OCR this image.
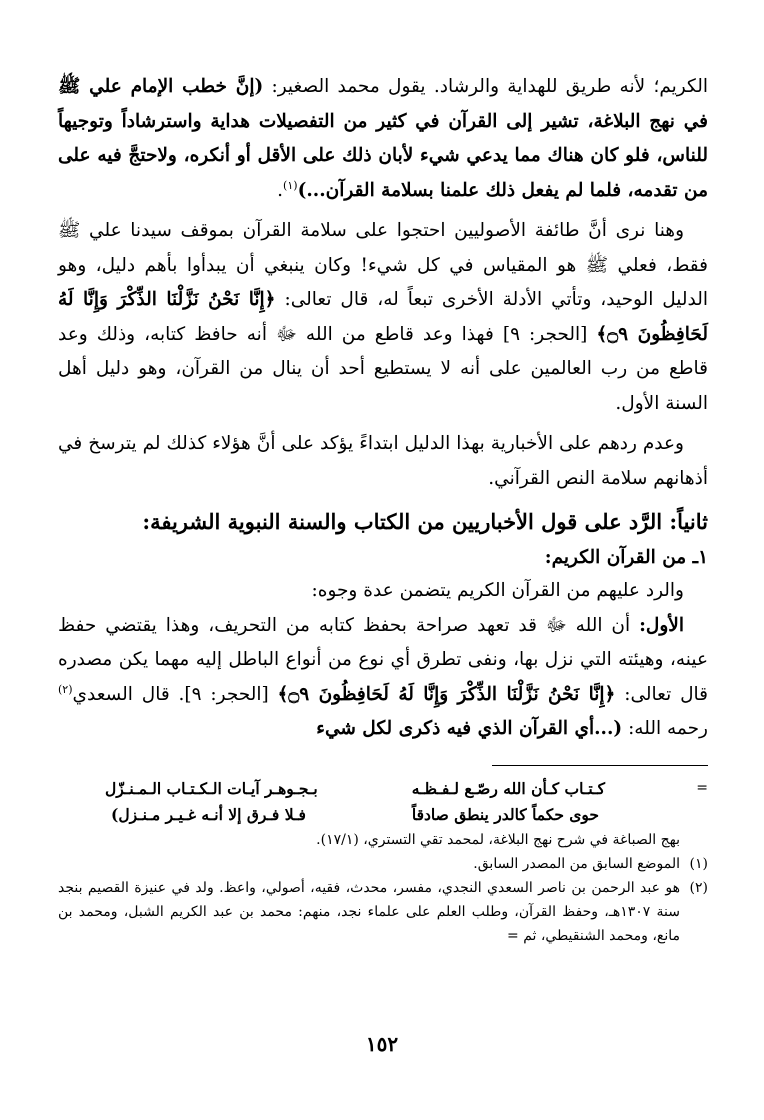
الكريم؛ لأنه طريق للهداية والرشاد. يقول محمد الصغير: (إنَّ خطب الإمام علي ﷺ في نهج البلاغة، تشير إلى القرآن في كثير من التفصيلات هداية واسترشاداً وتوجيهاً للناس، فلو كان هناك مما يدعي شيء لأبان ذلك على الأقل أو أنكره، ولاحتجَّ فيه على من تقدمه، فلما لم يفعل ذلك علمنا بسلامة القرآن...)$^{(١)}$.

وهنا نرى أنَّ طائفة الأصوليين احتجوا على سلامة القرآن بموقف سيدنا علي ﷺ فقط، فعلي ﷺ هو المقياس في كل شيء! وكان ينبغي أن يبدأوا بأهم دليل، وهو الدليل الوحيد، وتأتي الأدلة الأخرى تبعاً له، قال تعالى: ﴿إِنَّا نَحْنُ نَزَّلْنَا الذِّكْرَ وَإِنَّا لَهُ لَحَافِظُونَ ۝٩﴾ [الحجر: ٩] فهذا وعد قاطع من الله ﷻ أنه حافظ كتابه، وذلك وعد قاطع من رب العالمين على أنه لا يستطيع أحد أن ينال من القرآن، وهو دليل أهل السنة الأول.

وعدم ردهم على الأخبارية بهذا الدليل ابتداءً يؤكد على أنَّ هؤلاء كذلك لم يترسخ في أذهانهم سلامة النص القرآني.

ثانياً: الرَّد على قول الأخباريين من الكتاب والسنة النبوية الشريفة:
١ـ من القرآن الكريم:

والرد عليهم من القرآن الكريم يتضمن عدة وجوه:

الأول: أن الله ﷻ قد تعهد صراحة بحفظ كتابه من التحريف، وهذا يقتضي حفظ عينه، وهيئته التي نزل بها، ونفى تطرق أي نوع من أنواع الباطل إليه مهما يكن مصدره قال تعالى: ﴿إِنَّا نَحْنُ نَزَّلْنَا الذِّكْرَ وَإِنَّا لَهُ لَحَافِظُونَ ۝٩﴾ [الحجر: ٩]. قال السعدي$^{(٢)}$ رحمه الله: (...أي القرآن الذي فيه ذكرى لكل شيء

=
كـتـاب كـأن الله رصّـع لـفـظـه
بـجـوهـر آيـات الـكـتـاب الـمـنـزّل
حوى حكماً كالدر ينطق صادقاً
فـلا فـرق إلا أنـه غـيـر مـنـزل)
بهج الصباغة في شرح نهج البلاغة، لمحمد تقي التستري، (١٧/١).
(١)
الموضع السابق من المصدر السابق.
(٢)
هو عبد الرحمن بن ناصر السعدي النجدي، مفسر، محدث، فقيه، أصولي، واعظ. ولد في عنيزة القصيم بنجد سنة ١٣٠٧هـ، وحفظ القرآن، وطلب العلم على علماء نجد، منهم: محمد بن عبد الكريم الشبل، ومحمد بن مانع، ومحمد الشنقيطي، ثم =
١٥٢
